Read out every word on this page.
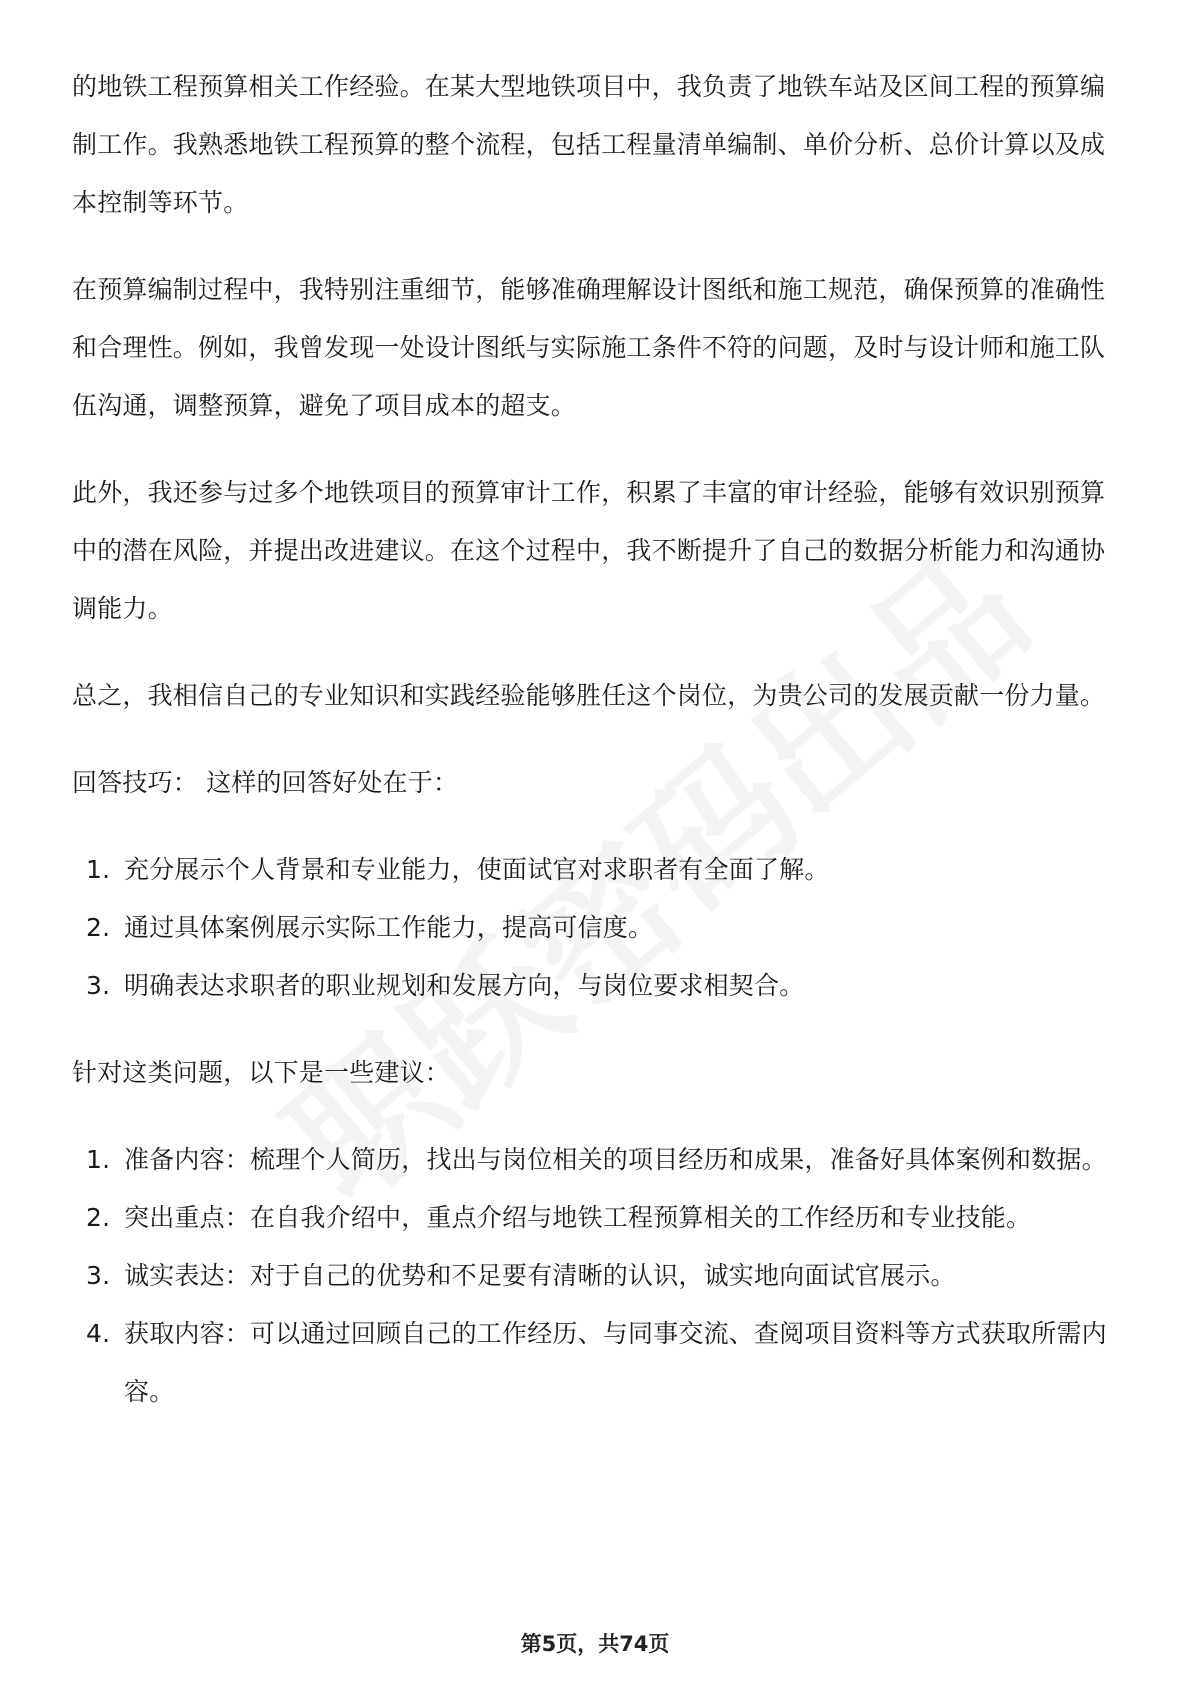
的地铁工程预算相关工作经验。在某大型地铁项目中，我负责了地铁车站及区间工程的预算编制工作。我熟悉地铁工程预算的整个流程，包括工程量清单编制、单价分析、总价计算以及成本控制等环节。

在预算编制过程中，我特别注重细节，能够准确理解设计图纸和施工规范，确保预算的准确性和合理性。例如，我曾发现一处设计图纸与实际施工条件不符的问题，及时与设计师和施工队伍沟通，调整预算，避免了项目成本的超支。

此外，我还参与过多个地铁项目的预算审计工作，积累了丰富的审计经验，能够有效识别预算中的潜在风险，并提出改进建议。在这个过程中，我不断提升了自己的数据分析能力和沟通协调能力。

总之，我相信自己的专业知识和实践经验能够胜任这个岗位，为贵公司的发展贡献一份力量。

回答技巧： 这样的回答好处在于：

1. 充分展示个人背景和专业能力，使面试官对求职者有全面了解。
2. 通过具体案例展示实际工作能力，提高可信度。
3. 明确表达求职者的职业规划和发展方向，与岗位要求相契合。

针对这类问题，以下是一些建议：

1. 准备内容：梳理个人简历，找出与岗位相关的项目经历和成果，准备好具体案例和数据。
2. 突出重点：在自我介绍中，重点介绍与地铁工程预算相关的工作经历和专业技能。
3. 诚实表达：对于自己的优势和不足要有清晰的认识，诚实地向面试官展示。
4. 获取内容：可以通过回顾自己的工作经历、与同事交流、查阅项目资料等方式获取所需内容。
第5页，共74页
